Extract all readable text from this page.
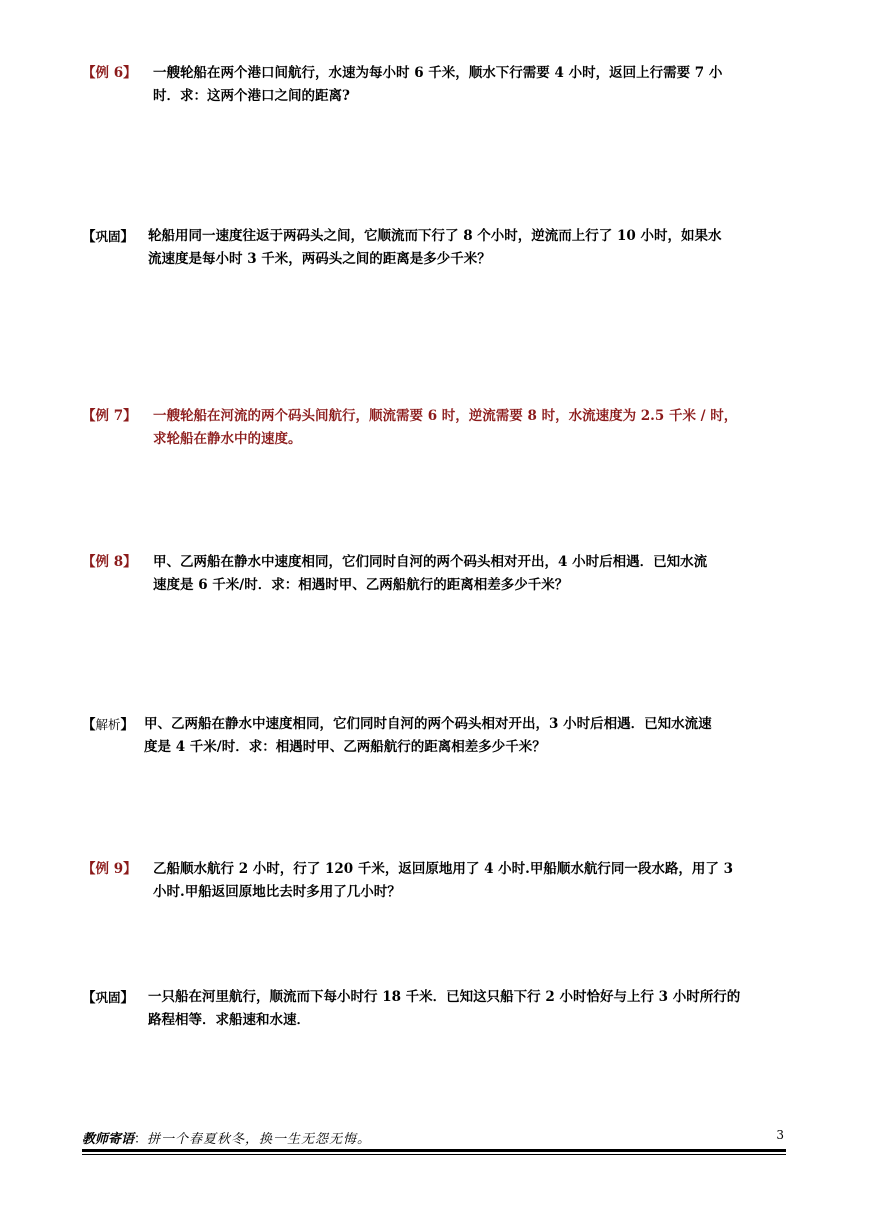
【例 6】 一艘轮船在两个港口间航行，水速为每小时 6 千米，顺水下行需要 4 小时，返回上行需要 7 小
时．求：这两个港口之间的距离?
【巩固】 轮船用同一速度往返于两码头之间，它顺流而下行了 8 个小时，逆流而上行了 10 小时，如果水
流速度是每小时 3 千米，两码头之间的距离是多少千米？
【例 7】 一艘轮船在河流的两个码头间航行，顺流需要 6 时，逆流需要 8 时，水流速度为 2.5 千米 / 时，
求轮船在静水中的速度。
【例 8】 甲、乙两船在静水中速度相同，它们同时自河的两个码头相对开出，4 小时后相遇．已知水流
速度是 6 千米/时．求：相遇时甲、乙两船航行的距离相差多少千米？
【解析】 甲、乙两船在静水中速度相同，它们同时自河的两个码头相对开出，3 小时后相遇．已知水流速
度是 4 千米/时．求：相遇时甲、乙两船航行的距离相差多少千米？
【例 9】 乙船顺水航行 2 小时，行了 120 千米，返回原地用了 4 小时.甲船顺水航行同一段水路，用了 3
小时.甲船返回原地比去时多用了几小时？
【巩固】 一只船在河里航行，顺流而下每小时行 18 千米．已知这只船下行 2 小时恰好与上行 3 小时所行的
路程相等．求船速和水速．
教师寄语：拼一个春夏秋冬，换一生无怨无悔。	3
